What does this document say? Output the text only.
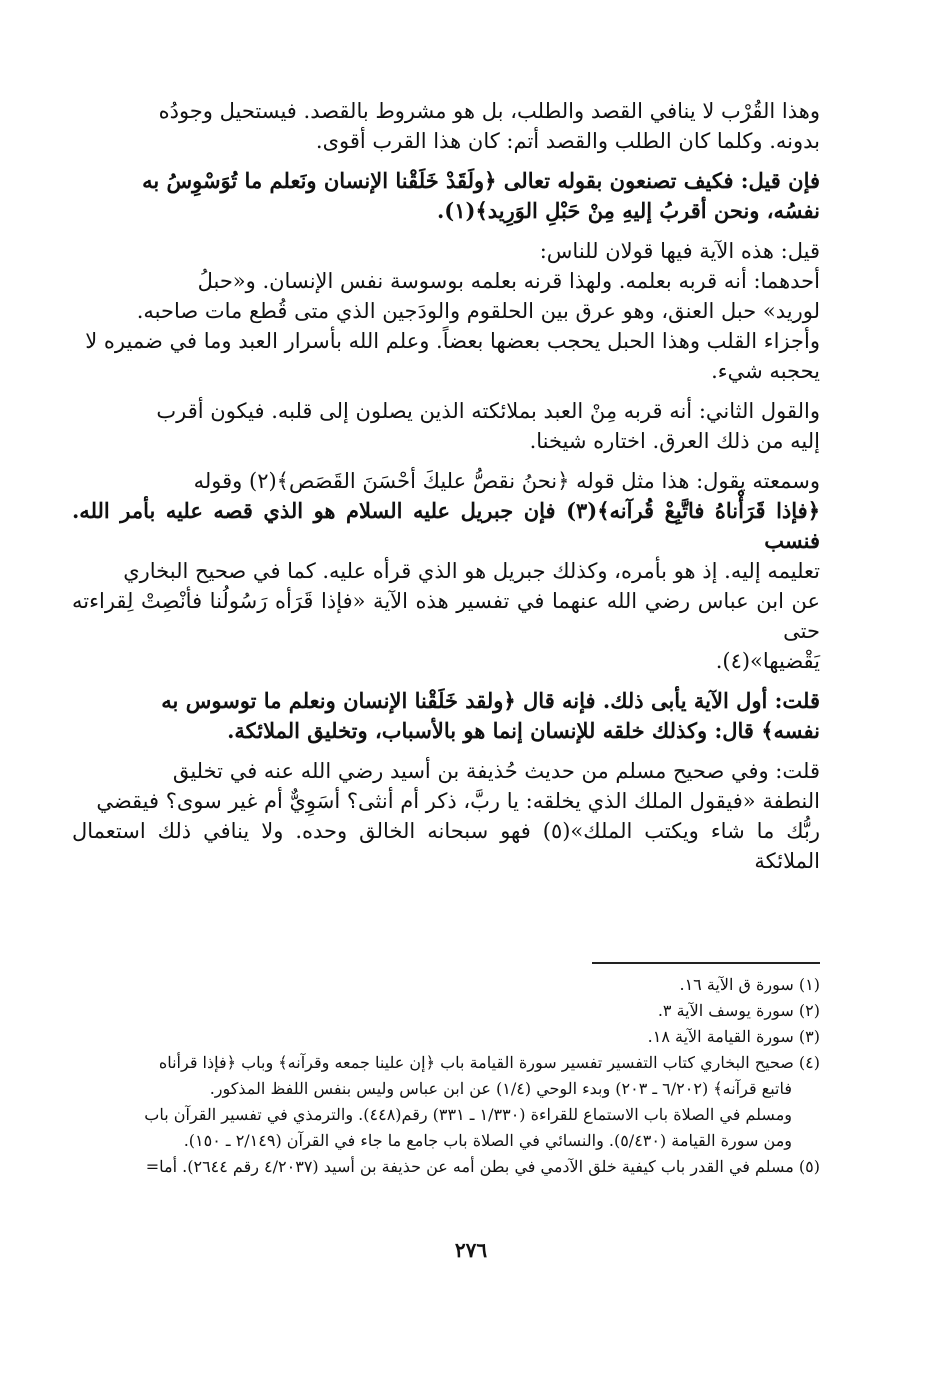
وهذا القُرْب لا ينافي القصد والطلب، بل هو مشروط بالقصد. فيستحيل وجودُه
بدونه. وكلما كان الطلب والقصد أتم: كان هذا القرب أقوى.

فإن قيل: فكيف تصنعون بقوله تعالى ﴿ولَقَدْ خَلَقْنا الإنسان ونَعلم ما تُوَسْوِسُ به
نفسُه، ونحن أقربُ إليهِ مِنْ حَبْلِ الوَرِيد﴾(١).

قيل: هذه الآية فيها قولان للناس:
أحدهما: أنه قربه بعلمه. ولهذا قرنه بعلمه بوسوسة نفس الإنسان. و«حبلُ
لوريد» حبل العنق، وهو عرق بين الحلقوم والودَجين الذي متى قُطع مات صاحبه.
وأجزاء القلب وهذا الحبل يحجب بعضها بعضاً. وعلم الله بأسرار العبد وما في ضميره لا
يحجبه شيء.

والقول الثاني: أنه قربه مِنْ العبد بملائكته الذين يصلون إلى قلبه. فيكون أقرب
إليه من ذلك العرق. اختاره شيخنا.

وسمعته يقول: هذا مثل قوله ﴿نحنُ نقصُّ عليكَ أحْسَنَ القَصَص﴾(٢) وقوله
﴿فإذا قَرَأْناهُ فاتَّبِعْ قُرآنه﴾(٣) فإن جبريل عليه السلام هو الذي قصه عليه بأمر الله. فنسب
تعليمه إليه. إذ هو بأمره، وكذلك جبريل هو الذي قرأه عليه. كما في صحيح البخاري
عن ابن عباس رضي الله عنهما في تفسير هذه الآية «فإذا قَرَأه رَسُولُنا فأنْصِتْ لِقراءته حتى
يَقْضيها»(٤).

قلت: أول الآية يأبى ذلك. فإنه قال ﴿ولقد خَلَقْنا الإنسان ونعلم ما توسوس به
نفسه﴾ قال: وكذلك خلقه للإنسان إنما هو بالأسباب، وتخليق الملائكة.

قلت: وفي صحيح مسلم من حديث حُذيفة بن أسيد رضي الله عنه في تخليق
النطفة «فيقول الملك الذي يخلقه: يا ربَّ، ذكر أم أنثى؟ أسَوِيٌّ أم غير سوى؟ فيقضي
ربُّك ما شاء ويكتب الملك»(٥) فهو سبحانه الخالق وحده. ولا ينافي ذلك استعمال الملائكة

(١) سورة ق الآية ١٦.
(٢) سورة يوسف الآية ٣.
(٣) سورة القيامة الآية ١٨.
(٤) صحيح البخاري كتاب التفسير تفسير سورة القيامة باب ﴿إن علينا جمعه وقرآنه﴾ وباب ﴿فإذا قرأناه
فاتبع قرآنه﴾ (٦/٢٠٢ ـ ٢٠٣) وبدء الوحي (١/٤) عن ابن عباس وليس بنفس اللفظ المذكور.
ومسلم في الصلاة باب الاستماع للقراءة (١/٣٣٠ ـ ٣٣١) رقم(٤٤٨). والترمذي في تفسير القرآن باب
ومن سورة القيامة (٥/٤٣٠). والنسائي في الصلاة باب جامع ما جاء في القرآن (٢/١٤٩ ـ ١٥٠).
(٥) مسلم في القدر باب كيفية خلق الآدمي في بطن أمه عن حذيفة بن أسيد (٤/٢٠٣٧ رقم ٢٦٤٤). أما=
٢٧٦
